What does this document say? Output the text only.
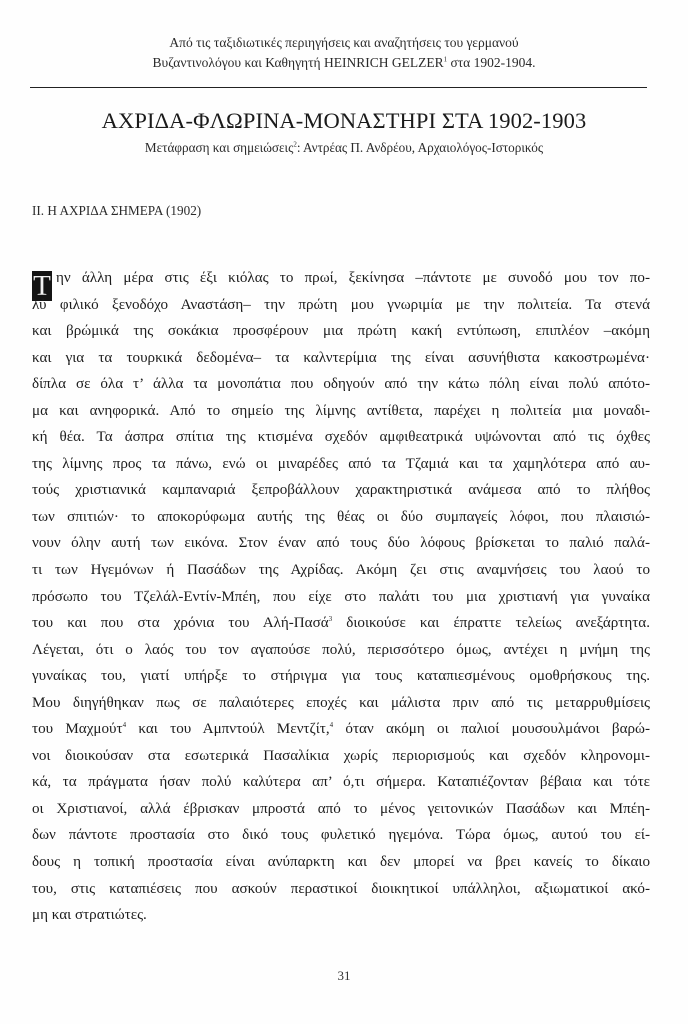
Από τις ταξιδιωτικές περιηγήσεις και αναζητήσεις του γερμανού
Βυζαντινολόγου και Καθηγητή HEINRICH GELZER$^1$ στα 1902-1904.
ΑΧΡΙΔΑ-ΦΛΩΡΙΝΑ-ΜΟΝΑΣΤΗΡΙ ΣΤΑ 1902-1903
Μετάφραση και σημειώσεις$^2$: Αντρέας Π. Ανδρέου, Αρχαιολόγος-Ιστορικός
ΙΙ. Η ΑΧΡΙΔΑ ΣΗΜΕΡΑ (1902)
Τ ην άλλη μέρα στις έξι κιόλας το πρωί, ξεκίνησα –πάντοτε με συνοδό μου τον πο-
λύ φιλικό ξενοδόχο Αναστάση– την πρώτη μου γνωριμία με την πολιτεία. Τα στενά
και βρώμικά της σοκάκια προσφέρουν μια πρώτη κακή εντύπωση, επιπλέον –ακόμη
και για τα τουρκικά δεδομένα– τα καλντερίμια της είναι ασυνήθιστα κακοστρωμένα·
δίπλα σε όλα τ’ άλλα τα μονοπάτια που οδηγούν από την κάτω πόλη είναι πολύ απότο-
μα και ανηφορικά. Από το σημείο της λίμνης αντίθετα, παρέχει η πολιτεία μια μοναδι-
κή θέα. Τα άσπρα σπίτια της κτισμένα σχεδόν αμφιθεατρικά υψώνονται από τις όχθες
της λίμνης προς τα πάνω, ενώ οι μιναρέδες από τα Τζαμιά και τα χαμηλότερα από αυ-
τούς χριστιανικά καμπαναριά ξεπροβάλλουν χαρακτηριστικά ανάμεσα από το πλήθος
των σπιτιών· το αποκορύφωμα αυτής της θέας οι δύο συμπαγείς λόφοι, που πλαισιώ-
νουν όλην αυτή των εικόνα. Στον έναν από τους δύο λόφους βρίσκεται το παλιό παλά-
τι των Ηγεμόνων ή Πασάδων της Αχρίδας. Ακόμη ζει στις αναμνήσεις του λαού το
πρόσωπο του Τζελάλ-Εντίν-Μπέη, που είχε στο παλάτι του μια χριστιανή για γυναίκα
του και που στα χρόνια του Αλή-Πασά$^3$ διοικούσε και έπραττε τελείως ανεξάρτητα.
Λέγεται, ότι ο λαός του τον αγαπούσε πολύ, περισσότερο όμως, αντέχει η μνήμη της
γυναίκας του, γιατί υπήρξε το στήριγμα για τους καταπιεσμένους ομοθρήσκους της.
Μου διηγήθηκαν πως σε παλαιότερες εποχές και μάλιστα πριν από τις μεταρρυθμίσεις
του Μαχμούτ$^4$ και του Αμπντούλ Μεντζίτ,$^4$ όταν ακόμη οι παλιοί μουσουλμάνοι βαρώ-
νοι διοικούσαν στα εσωτερικά Πασαλίκια χωρίς περιορισμούς και σχεδόν κληρονομι-
κά, τα πράγματα ήσαν πολύ καλύτερα απ’ ό,τι σήμερα. Καταπιέζονταν βέβαια και τότε
οι Χριστιανοί, αλλά έβρισκαν μπροστά από το μένος γειτονικών Πασάδων και Μπέη-
δων πάντοτε προστασία στο δικό τους φυλετικό ηγεμόνα. Τώρα όμως, αυτού του εί-
δους η τοπική προστασία είναι ανύπαρκτη και δεν μπορεί να βρει κανείς το δίκαιο
του, στις καταπιέσεις που ασκούν περαστικοί διοικητικοί υπάλληλοι, αξιωματικοί ακό-
μη και στρατιώτες.
31
